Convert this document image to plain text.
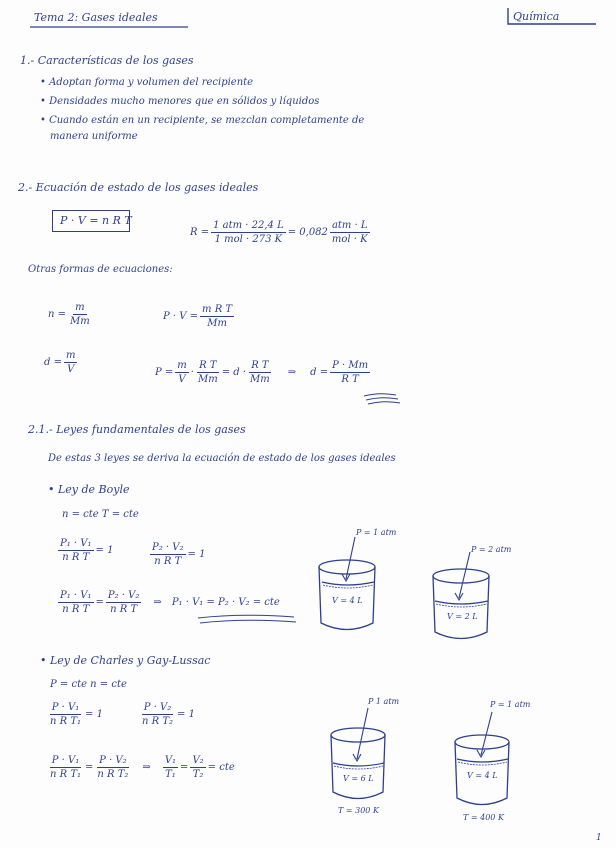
Tema 2: Gases ideales	Química
1.- Características de los gases
• Adoptan forma y volumen del recipiente
• Densidades mucho menores que en sólidos y líquidos
• Cuando están en un recipiente, se mezclan completamente de
manera uniforme
2.- Ecuación de estado de los gases ideales
P · V = n R T
R =
1 atm · 22,4 L
1 mol · 273 K
= 0,082
atm · L
mol · K
Otras formas de ecuaciones:
$n = \frac{m}{Mm}$	$P \cdot V = \frac{\text{m R T}}{Mm}$
$d = \frac{m}{V}$	$P = \frac{m}{V} \cdot \frac{\text{R T}}{Mm} = d \cdot \frac{\text{R T}}{Mm}$ ⇒ $d = \frac{P \cdot Mm}{\text{R T}}$
2.1.- Leyes fundamentales de los gases
De estas 3 leyes se deriva la ecuación de estado de los gases ideales
• Ley de Boyle
n = cte T = cte
$\frac{\text{P₁ · V₁}}{\text{n R T}} = 1$	$\frac{\text{P₂ · V₂}}{\text{n R T}} = 1$
$\frac{\text{P₁ · V₁}}{\text{n R T}} = \frac{\text{P₂ · V₂}}{\text{n R T}}$ ⇒ P₁ · V₁ = P₂ · V₂ = cte
P = 1 atm
V = 4 L
P = 2 atm
V = 2 L
• Ley de Charles y Gay-Lussac
P = cte n = cte
$\frac{\text{P · V₁}}{\text{n R T₁}} = 1$	$\frac{\text{P · V₂}}{\text{n R T₂}} = 1$
$\frac{\text{P · V₁}}{\text{n R T₁}} = \frac{\text{P · V₂}}{\text{n R T₂}}$ ⇒ $\frac{\text{V₁}}{\text{T₁}} = \frac{\text{V₂}}{\text{T₂}}$ = cte
P 1 atm
V = 6 L
T = 300 K
P = 1 atm
V = 4 L
T = 400 K
1
